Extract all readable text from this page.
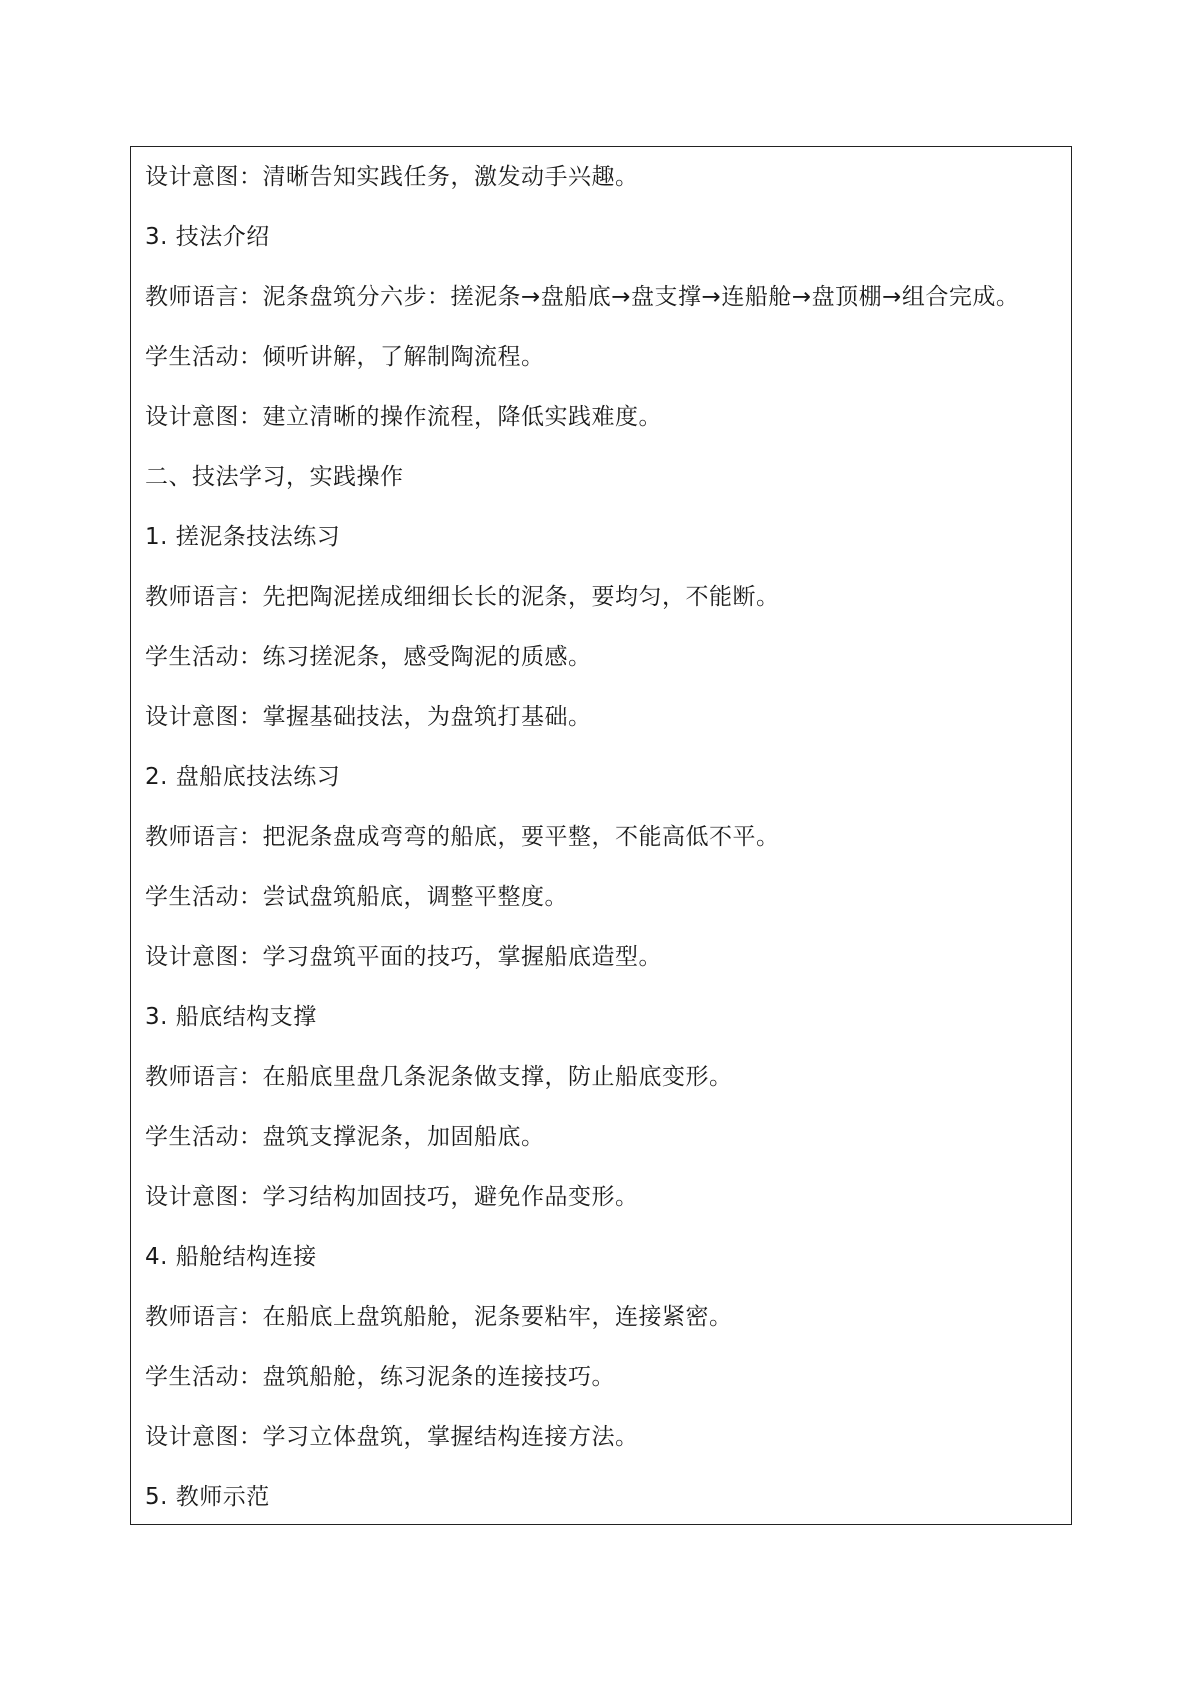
设计意图：清晰告知实践任务，激发动手兴趣。
3. 技法介绍
教师语言：泥条盘筑分六步：搓泥条→盘船底→盘支撑→连船舱→盘顶棚→组合完成。
学生活动：倾听讲解，了解制陶流程。
设计意图：建立清晰的操作流程，降低实践难度。
二、技法学习，实践操作
1. 搓泥条技法练习
教师语言：先把陶泥搓成细细长长的泥条，要均匀，不能断。
学生活动：练习搓泥条，感受陶泥的质感。
设计意图：掌握基础技法，为盘筑打基础。
2. 盘船底技法练习
教师语言：把泥条盘成弯弯的船底，要平整，不能高低不平。
学生活动：尝试盘筑船底，调整平整度。
设计意图：学习盘筑平面的技巧，掌握船底造型。
3. 船底结构支撑
教师语言：在船底里盘几条泥条做支撑，防止船底变形。
学生活动：盘筑支撑泥条，加固船底。
设计意图：学习结构加固技巧，避免作品变形。
4. 船舱结构连接
教师语言：在船底上盘筑船舱，泥条要粘牢，连接紧密。
学生活动：盘筑船舱，练习泥条的连接技巧。
设计意图：学习立体盘筑，掌握结构连接方法。
5. 教师示范
